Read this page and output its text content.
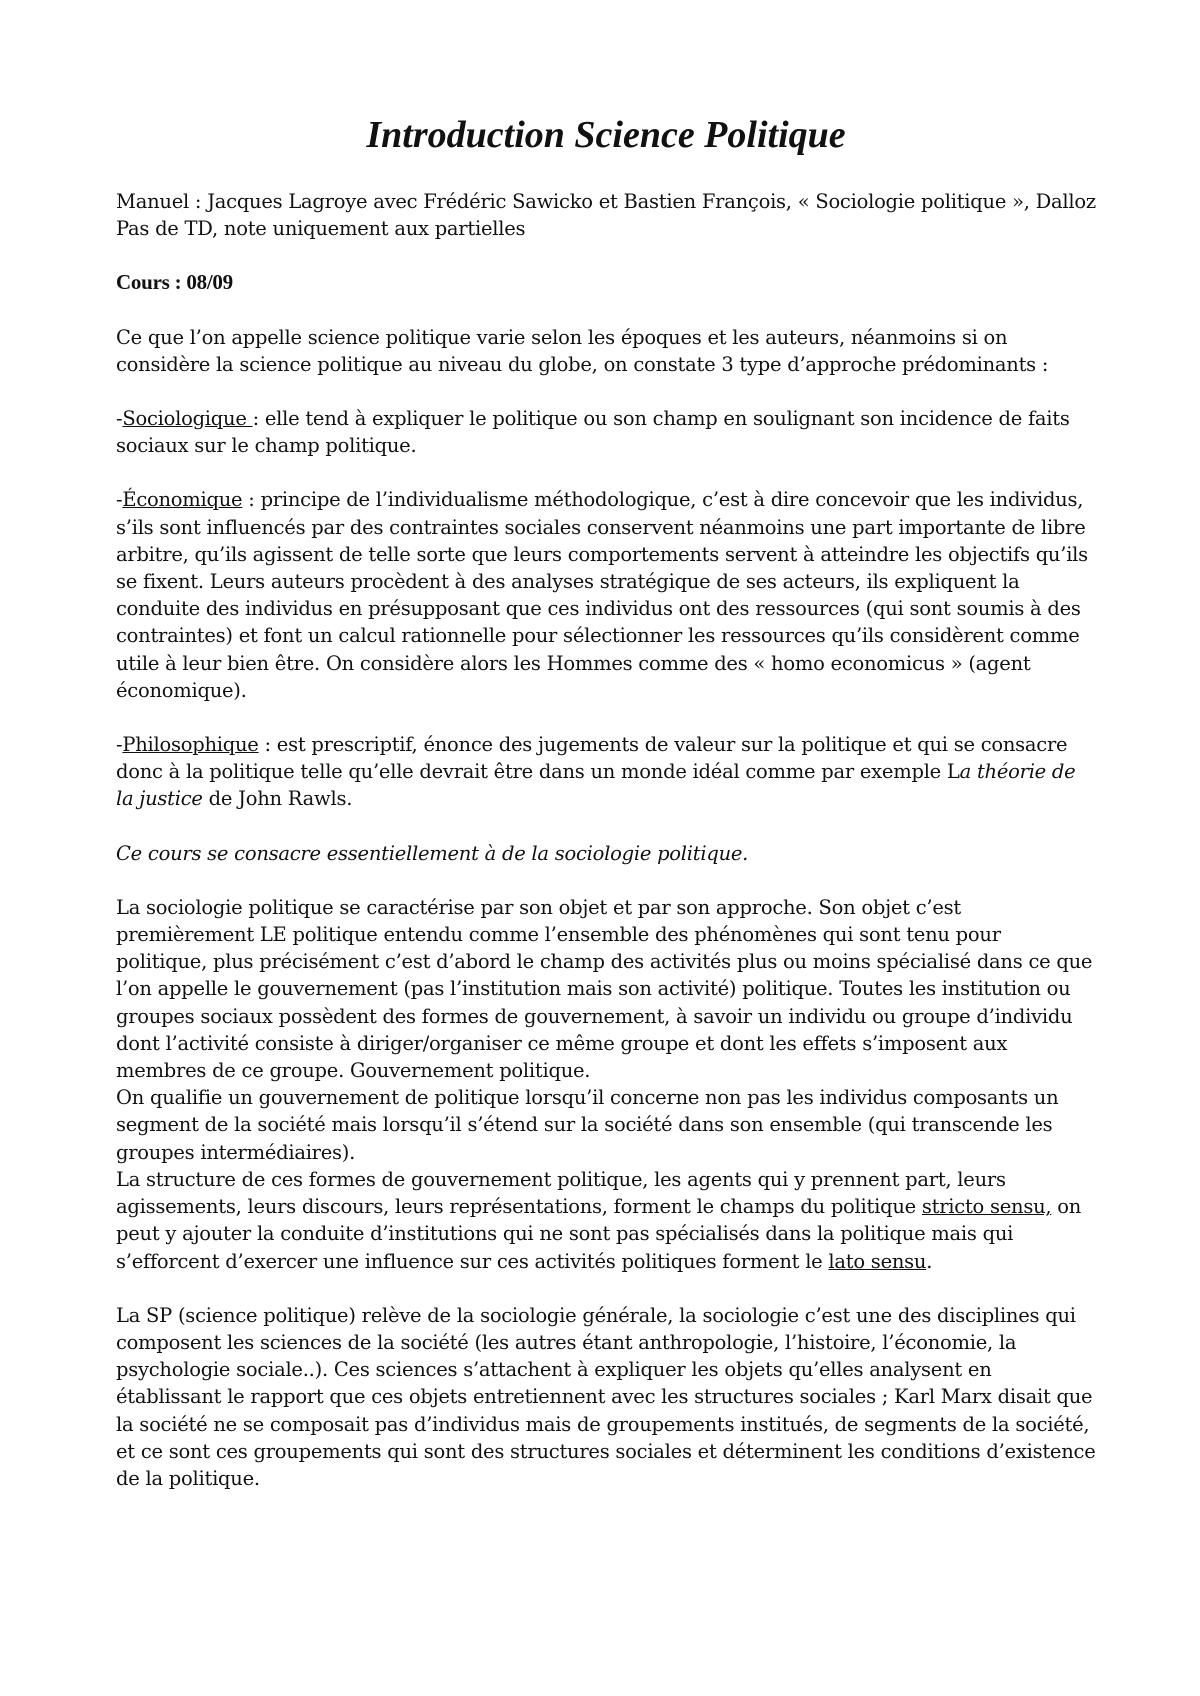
Introduction Science Politique

Manuel : Jacques Lagroye avec Frédéric Sawicko et Bastien François, « Sociologie politique », Dalloz

Pas de TD, note uniquement aux partielles

Cours : 08/09

Ce que l’on appelle science politique varie selon les époques et les auteurs, néanmoins si on considère la science politique au niveau du globe, on constate 3 type d’approche prédominants :

-Sociologique : elle tend à expliquer le politique ou son champ en soulignant son incidence de faits sociaux sur le champ politique.

-Économique : principe de l’individualisme méthodologique, c’est à dire concevoir que les individus, s’ils sont influencés par des contraintes sociales conservent néanmoins une part importante de libre arbitre, qu’ils agissent de telle sorte que leurs comportements servent à atteindre les objectifs qu’ils se fixent. Leurs auteurs procèdent à des analyses stratégique de ses acteurs, ils expliquent la conduite des individus en présupposant que ces individus ont des ressources (qui sont soumis à des contraintes) et font un calcul rationnelle pour sélectionner les ressources qu’ils considèrent comme utile à leur bien être. On considère alors les Hommes comme des « homo economicus » (agent économique).

-Philosophique : est prescriptif, énonce des jugements de valeur sur la politique et qui se consacre donc à la politique telle qu’elle devrait être dans un monde idéal comme par exemple La théorie de la justice de John Rawls.

Ce cours se consacre essentiellement à de la sociologie politique.

La sociologie politique se caractérise par son objet et par son approche. Son objet c’est premièrement LE politique entendu comme l’ensemble des phénomènes qui sont tenu pour politique, plus précisément c’est d’abord le champ des activités plus ou moins spécialisé dans ce que l’on appelle le gouvernement (pas l’institution mais son activité) politique. Toutes les institution ou groupes sociaux possèdent des formes de gouvernement, à savoir un individu ou groupe d’individu dont l’activité consiste à diriger/organiser ce même groupe et dont les effets s’imposent aux membres de ce groupe. Gouvernement politique.

On qualifie un gouvernement de politique lorsqu’il concerne non pas les individus composants un segment de la société mais lorsqu’il s’étend sur la société dans son ensemble (qui transcende les groupes intermédiaires).

La structure de ces formes de gouvernement politique, les agents qui y prennent part, leurs agissements, leurs discours, leurs représentations, forment le champs du politique stricto sensu, on peut y ajouter la conduite d’institutions qui ne sont pas spécialisés dans la politique mais qui s’efforcent d’exercer une influence sur ces activités politiques forment le lato sensu.

La SP (science politique) relève de la sociologie générale, la sociologie c’est une des disciplines qui composent les sciences de la société (les autres étant anthropologie, l’histoire, l’économie, la psychologie sociale..). Ces sciences s’attachent à expliquer les objets qu’elles analysent en établissant le rapport que ces objets entretiennent avec les structures sociales ; Karl Marx disait que la société ne se composait pas d’individus mais de groupements institués, de segments de la société, et ce sont ces groupements qui sont des structures sociales et déterminent les conditions d’existence de la politique.
